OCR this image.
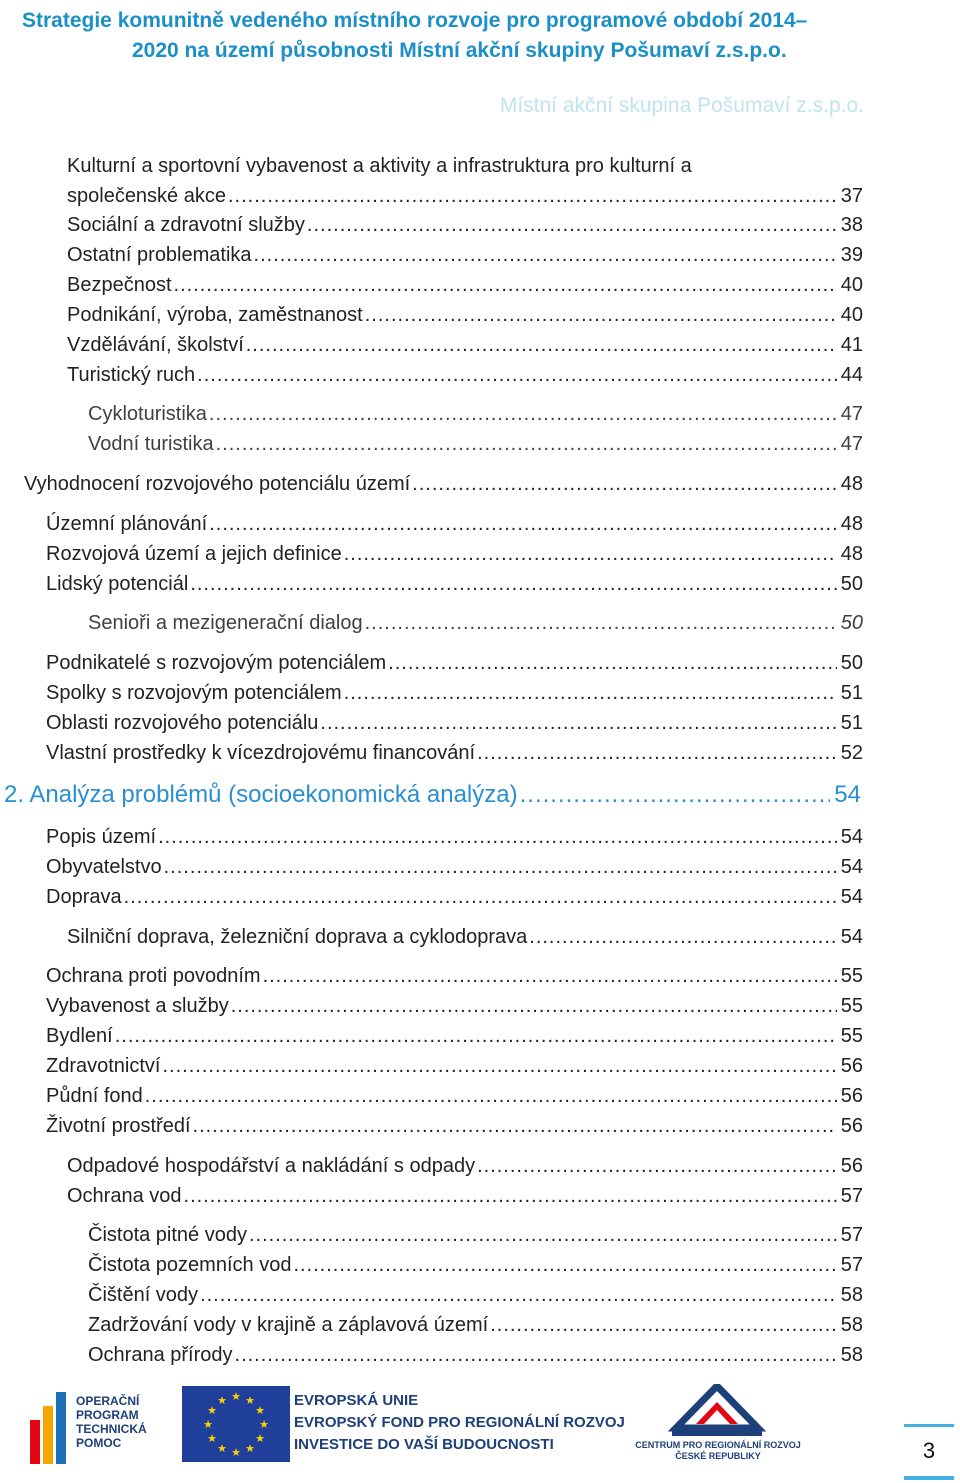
Strategie komunitně vedeného místního rozvoje pro programové období 2014–
2020 na území působnosti Místní akční skupiny Pošumaví z.s.p.o.
Místní akční skupina Pošumaví z.s.p.o.
Kulturní a sportovní vybavenost a aktivity a infrastruktura pro kulturní a
společenské akce .....	37
Sociální a zdravotní služby .....	38
Ostatní problematika .....	39
Bezpečnost .....	40
Podnikání, výroba, zaměstnanost .....	40
Vzdělávání, školství .....	41
Turistický ruch .....	44
Cykloturistika .....	47
Vodní turistika .....	47
Vyhodnocení rozvojového potenciálu území .....	48
Územní plánování .....	48
Rozvojová území a jejich definice .....	48
Lidský potenciál .....	50
Senioři a mezigenerační dialog .....	50
Podnikatelé s rozvojovým potenciálem .....	50
Spolky s rozvojovým potenciálem .....	51
Oblasti rozvojového potenciálu .....	51
Vlastní prostředky k vícezdrojovému financování .....	52
2. Analýza problémů (socioekonomická analýza) .....	54
Popis území .....	54
Obyvatelstvo .....	54
Doprava .....	54
Silniční doprava, železniční doprava a cyklodoprava .....	54
Ochrana proti povodním .....	55
Vybavenost a služby .....	55
Bydlení .....	55
Zdravotnictví .....	56
Půdní fond .....	56
Životní prostředí .....	56
Odpadové hospodářství a nakládání s odpady .....	56
Ochrana vod .....	57
Čistota pitné vody .....	57
Čistota pozemních vod .....	57
Čištění vody .....	58
Zadržování vody v krajině a záplavová území .....	58
Ochrana přírody .....	58
OPERAČNÍ
PROGRAM
TECHNICKÁ
POMOC
★ ★
★
★
★
★
★
★
★
★
★
★	EVROPSKÁ UNIE
EVROPSKÝ FOND PRO REGIONÁLNÍ ROZVOJ
INVESTICE DO VAŠÍ BUDOUCNOSTI	CENTRUM PRO REGIONÁLNÍ ROZVOJ
ČESKÉ REPUBLIKY	3
